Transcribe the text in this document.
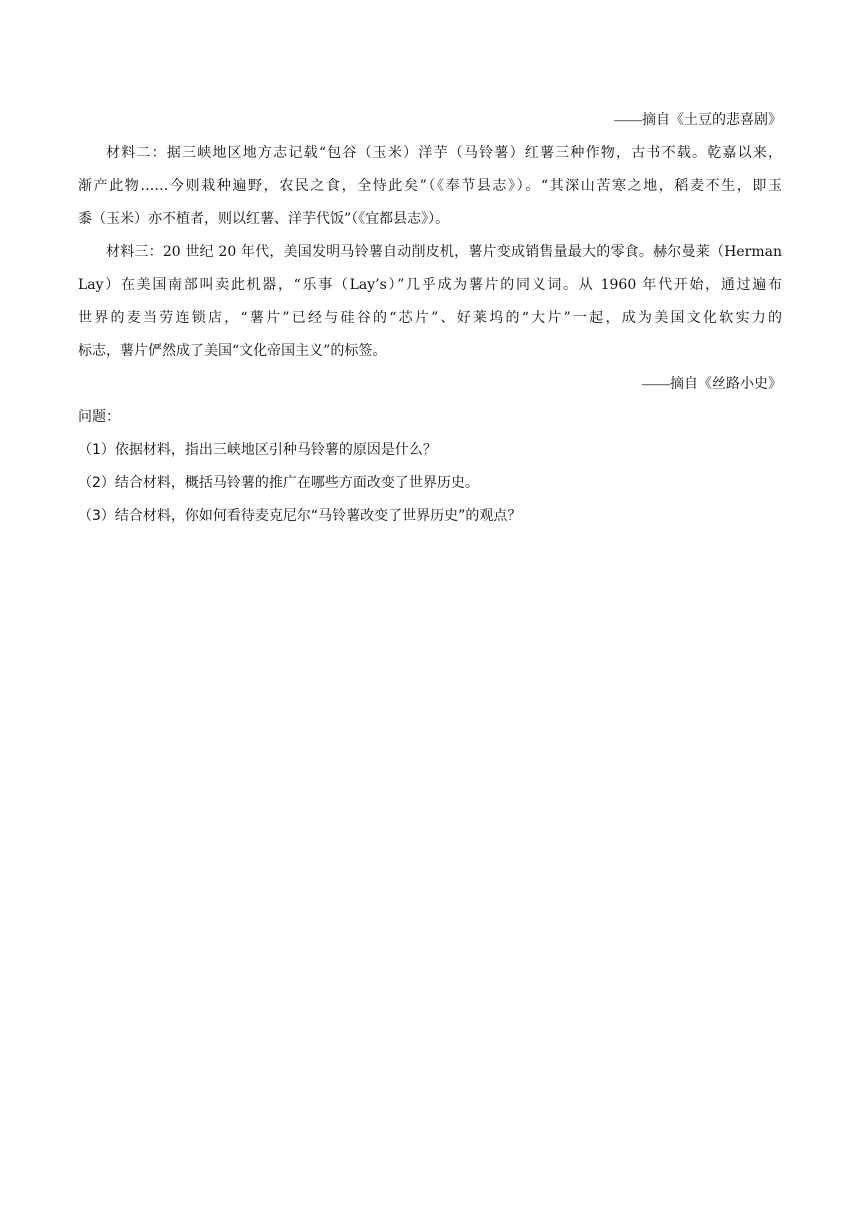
——摘自《土豆的悲喜剧》
材料二：据三峡地区地方志记载“包谷（玉米）洋芋（马铃薯）红薯三种作物，古书不载。乾嘉以来，
渐产此物……今则栽种遍野，农民之食，全恃此矣”（《奉节县志》）。“其深山苦寒之地，稻麦不生，即玉
黍（玉米）亦不植者，则以红薯、洋芋代饭”（《宜都县志》）。
材料三：20 世纪 20 年代，美国发明马铃薯自动削皮机，薯片变成销售量最大的零食。赫尔曼莱（Herman
Lay）在美国南部叫卖此机器，“乐事（Lay’s）”几乎成为薯片的同义词。从 1960 年代开始，通过遍布
世界的麦当劳连锁店，“薯片”已经与硅谷的“芯片”、好莱坞的“大片”一起，成为美国文化软实力的
标志，薯片俨然成了美国“文化帝国主义”的标签。
——摘自《丝路小史》
问题：
（1）依据材料，指出三峡地区引种马铃薯的原因是什么？
（2）结合材料，概括马铃薯的推广在哪些方面改变了世界历史。
（3）结合材料，你如何看待麦克尼尔“马铃薯改变了世界历史”的观点？
